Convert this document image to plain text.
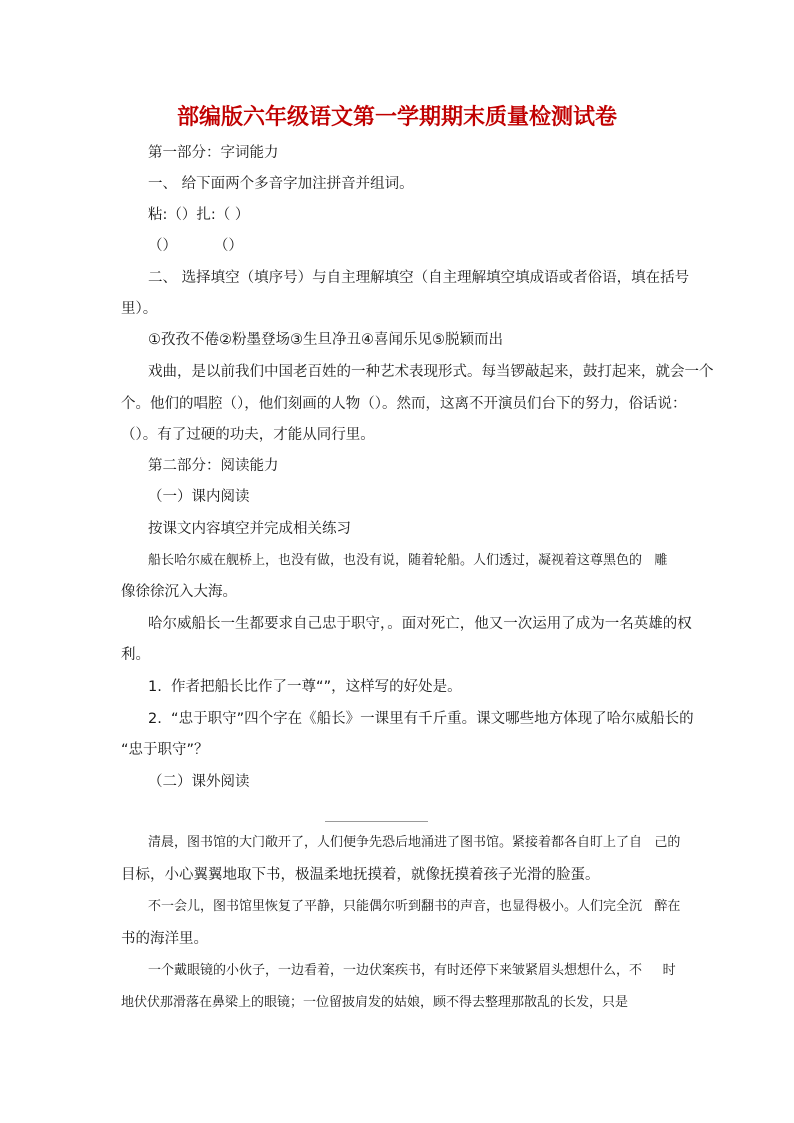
部编版六年级语文第一学期期末质量检测试卷
第一部分：字词能力
一、 给下面两个多音字加注拼音并组词。
粘:（）扎:（ ）
（）        （）
二、 选择填空（填序号）与自主理解填空（自主理解填空填成语或者俗语，填在括号
里）。
①孜孜不倦②粉墨登场③生旦净丑④喜闻乐见⑤脱颖而出
戏曲，是以前我们中国老百姓的一种艺术表现形式。每当锣敲起来，鼓打起来，就会一个
个。他们的唱腔（），他们刻画的人物（）。然而，这离不开演员们台下的努力，俗话说：
（）。有了过硬的功夫，才能从同行里。
第二部分：阅读能力
（一）课内阅读
按课文内容填空并完成相关练习
船长哈尔威在舰桥上，也没有做，也没有说，随着轮船。人们透过，凝视着这尊黑色的   雕
像徐徐沉入大海。
哈尔威船长一生都要求自己忠于职守，。面对死亡，他又一次运用了成为一名英雄的权
利。
1.  作者把船长比作了一尊“”，这样写的好处是。
2.  “忠于职守”四个字在《船长》一课里有千斤重。课文哪些地方体现了哈尔威船长的
“忠于职守”？
（二）课外阅读
清晨，图书馆的大门敞开了，人们便争先恐后地涌进了图书馆。紧接着都各自盯上了自   己的
目标，小心翼翼地取下书，极温柔地抚摸着，就像抚摸着孩子光滑的脸蛋。
不一会儿，图书馆里恢复了平静，只能偶尔听到翻书的声音，也显得极小。人们完全沉   醉在
书的海洋里。
一个戴眼镜的小伙子，一边看着，一边伏案疾书，有时还停下来皱紧眉头想想什么，不     时
地伏伏那滑落在鼻梁上的眼镜；一位留披肩发的姑娘，顾不得去整理那散乱的长发，只是
